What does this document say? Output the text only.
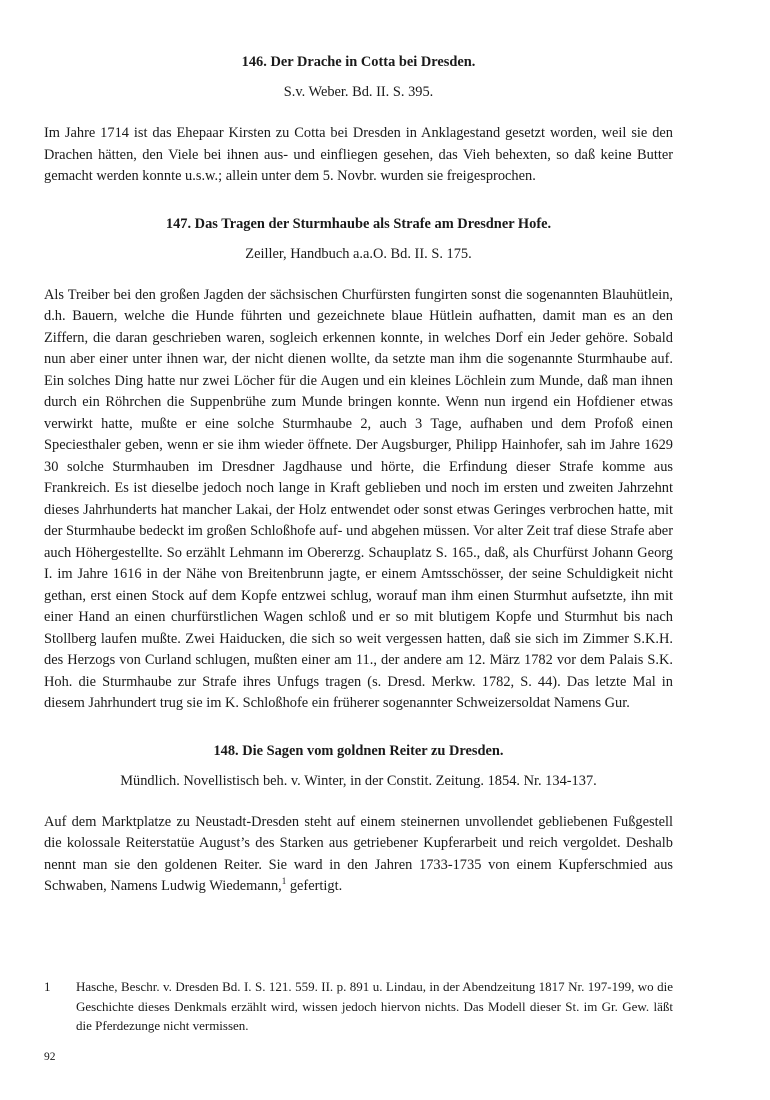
146. Der Drache in Cotta bei Dresden.
S.v. Weber. Bd. II. S. 395.

Im Jahre 1714 ist das Ehepaar Kirsten zu Cotta bei Dresden in Anklagestand gesetzt worden, weil sie den Drachen hätten, den Viele bei ihnen aus- und einfliegen gesehen, das Vieh behexten, so daß keine Butter gemacht werden konnte u.s.w.; allein unter dem 5. Novbr. wurden sie freigesprochen.

147. Das Tragen der Sturmhaube als Strafe am Dresdner Hofe.
Zeiller, Handbuch a.a.O. Bd. II. S. 175.

Als Treiber bei den großen Jagden der sächsischen Churfürsten fungirten sonst die sogenannten Blauhütlein, d.h. Bauern, welche die Hunde führten und gezeichnete blaue Hütlein aufhatten, damit man es an den Ziffern, die daran geschrieben waren, sogleich erkennen konnte, in welches Dorf ein Jeder gehöre. Sobald nun aber einer unter ihnen war, der nicht dienen wollte, da setzte man ihm die sogenannte Sturmhaube auf. Ein solches Ding hatte nur zwei Löcher für die Augen und ein kleines Löchlein zum Munde, daß man ihnen durch ein Röhrchen die Suppenbrühe zum Munde bringen konnte. Wenn nun irgend ein Hofdiener etwas verwirkt hatte, mußte er eine solche Sturmhaube 2, auch 3 Tage, aufhaben und dem Profoß einen Speciesthaler geben, wenn er sie ihm wieder öffnete. Der Augsburger, Philipp Hainhofer, sah im Jahre 1629 30 solche Sturmhauben im Dresdner Jagdhause und hörte, die Erfindung dieser Strafe komme aus Frankreich. Es ist dieselbe jedoch noch lange in Kraft geblieben und noch im ersten und zweiten Jahrzehnt dieses Jahrhunderts hat mancher Lakai, der Holz entwendet oder sonst etwas Geringes verbrochen hatte, mit der Sturmhaube bedeckt im großen Schloßhofe auf- und abgehen müssen. Vor alter Zeit traf diese Strafe aber auch Höhergestellte. So erzählt Lehmann im Obererzg. Schauplatz S. 165., daß, als Churfürst Johann Georg I. im Jahre 1616 in der Nähe von Breitenbrunn jagte, er einem Amtsschösser, der seine Schuldigkeit nicht gethan, erst einen Stock auf dem Kopfe entzwei schlug, worauf man ihm einen Sturmhut aufsetzte, ihn mit einer Hand an einen churfürstlichen Wagen schloß und er so mit blutigem Kopfe und Sturmhut bis nach Stollberg laufen mußte. Zwei Haiducken, die sich so weit vergessen hatten, daß sie sich im Zimmer S.K.H. des Herzogs von Curland schlugen, mußten einer am 11., der andere am 12. März 1782 vor dem Palais S.K. Hoh. die Sturmhaube zur Strafe ihres Unfugs tragen (s. Dresd. Merkw. 1782, S. 44). Das letzte Mal in diesem Jahrhundert trug sie im K. Schloßhofe ein früherer sogenannter Schweizersoldat Namens Gur.

148. Die Sagen vom goldnen Reiter zu Dresden.
Mündlich. Novellistisch beh. v. Winter, in der Constit. Zeitung. 1854. Nr. 134-137.

Auf dem Marktplatze zu Neustadt-Dresden steht auf einem steinernen unvollendet gebliebenen Fußgestell die kolossale Reiterstatüe August’s des Starken aus getriebener Kupferarbeit und reich vergoldet. Deshalb nennt man sie den goldenen Reiter. Sie ward in den Jahren 1733-1735 von einem Kupferschmied aus Schwaben, Namens Ludwig Wiedemann,$^1$ gefertigt.

1	Hasche, Beschr. v. Dresden Bd. I. S. 121. 559. II. p. 891 u. Lindau, in der Abendzeitung 1817 Nr. 197-199, wo die Geschichte dieses Denkmals erzählt wird, wissen jedoch hiervon nichts. Das Modell dieser St. im Gr. Gew. läßt die Pferdezunge nicht vermissen.
92
